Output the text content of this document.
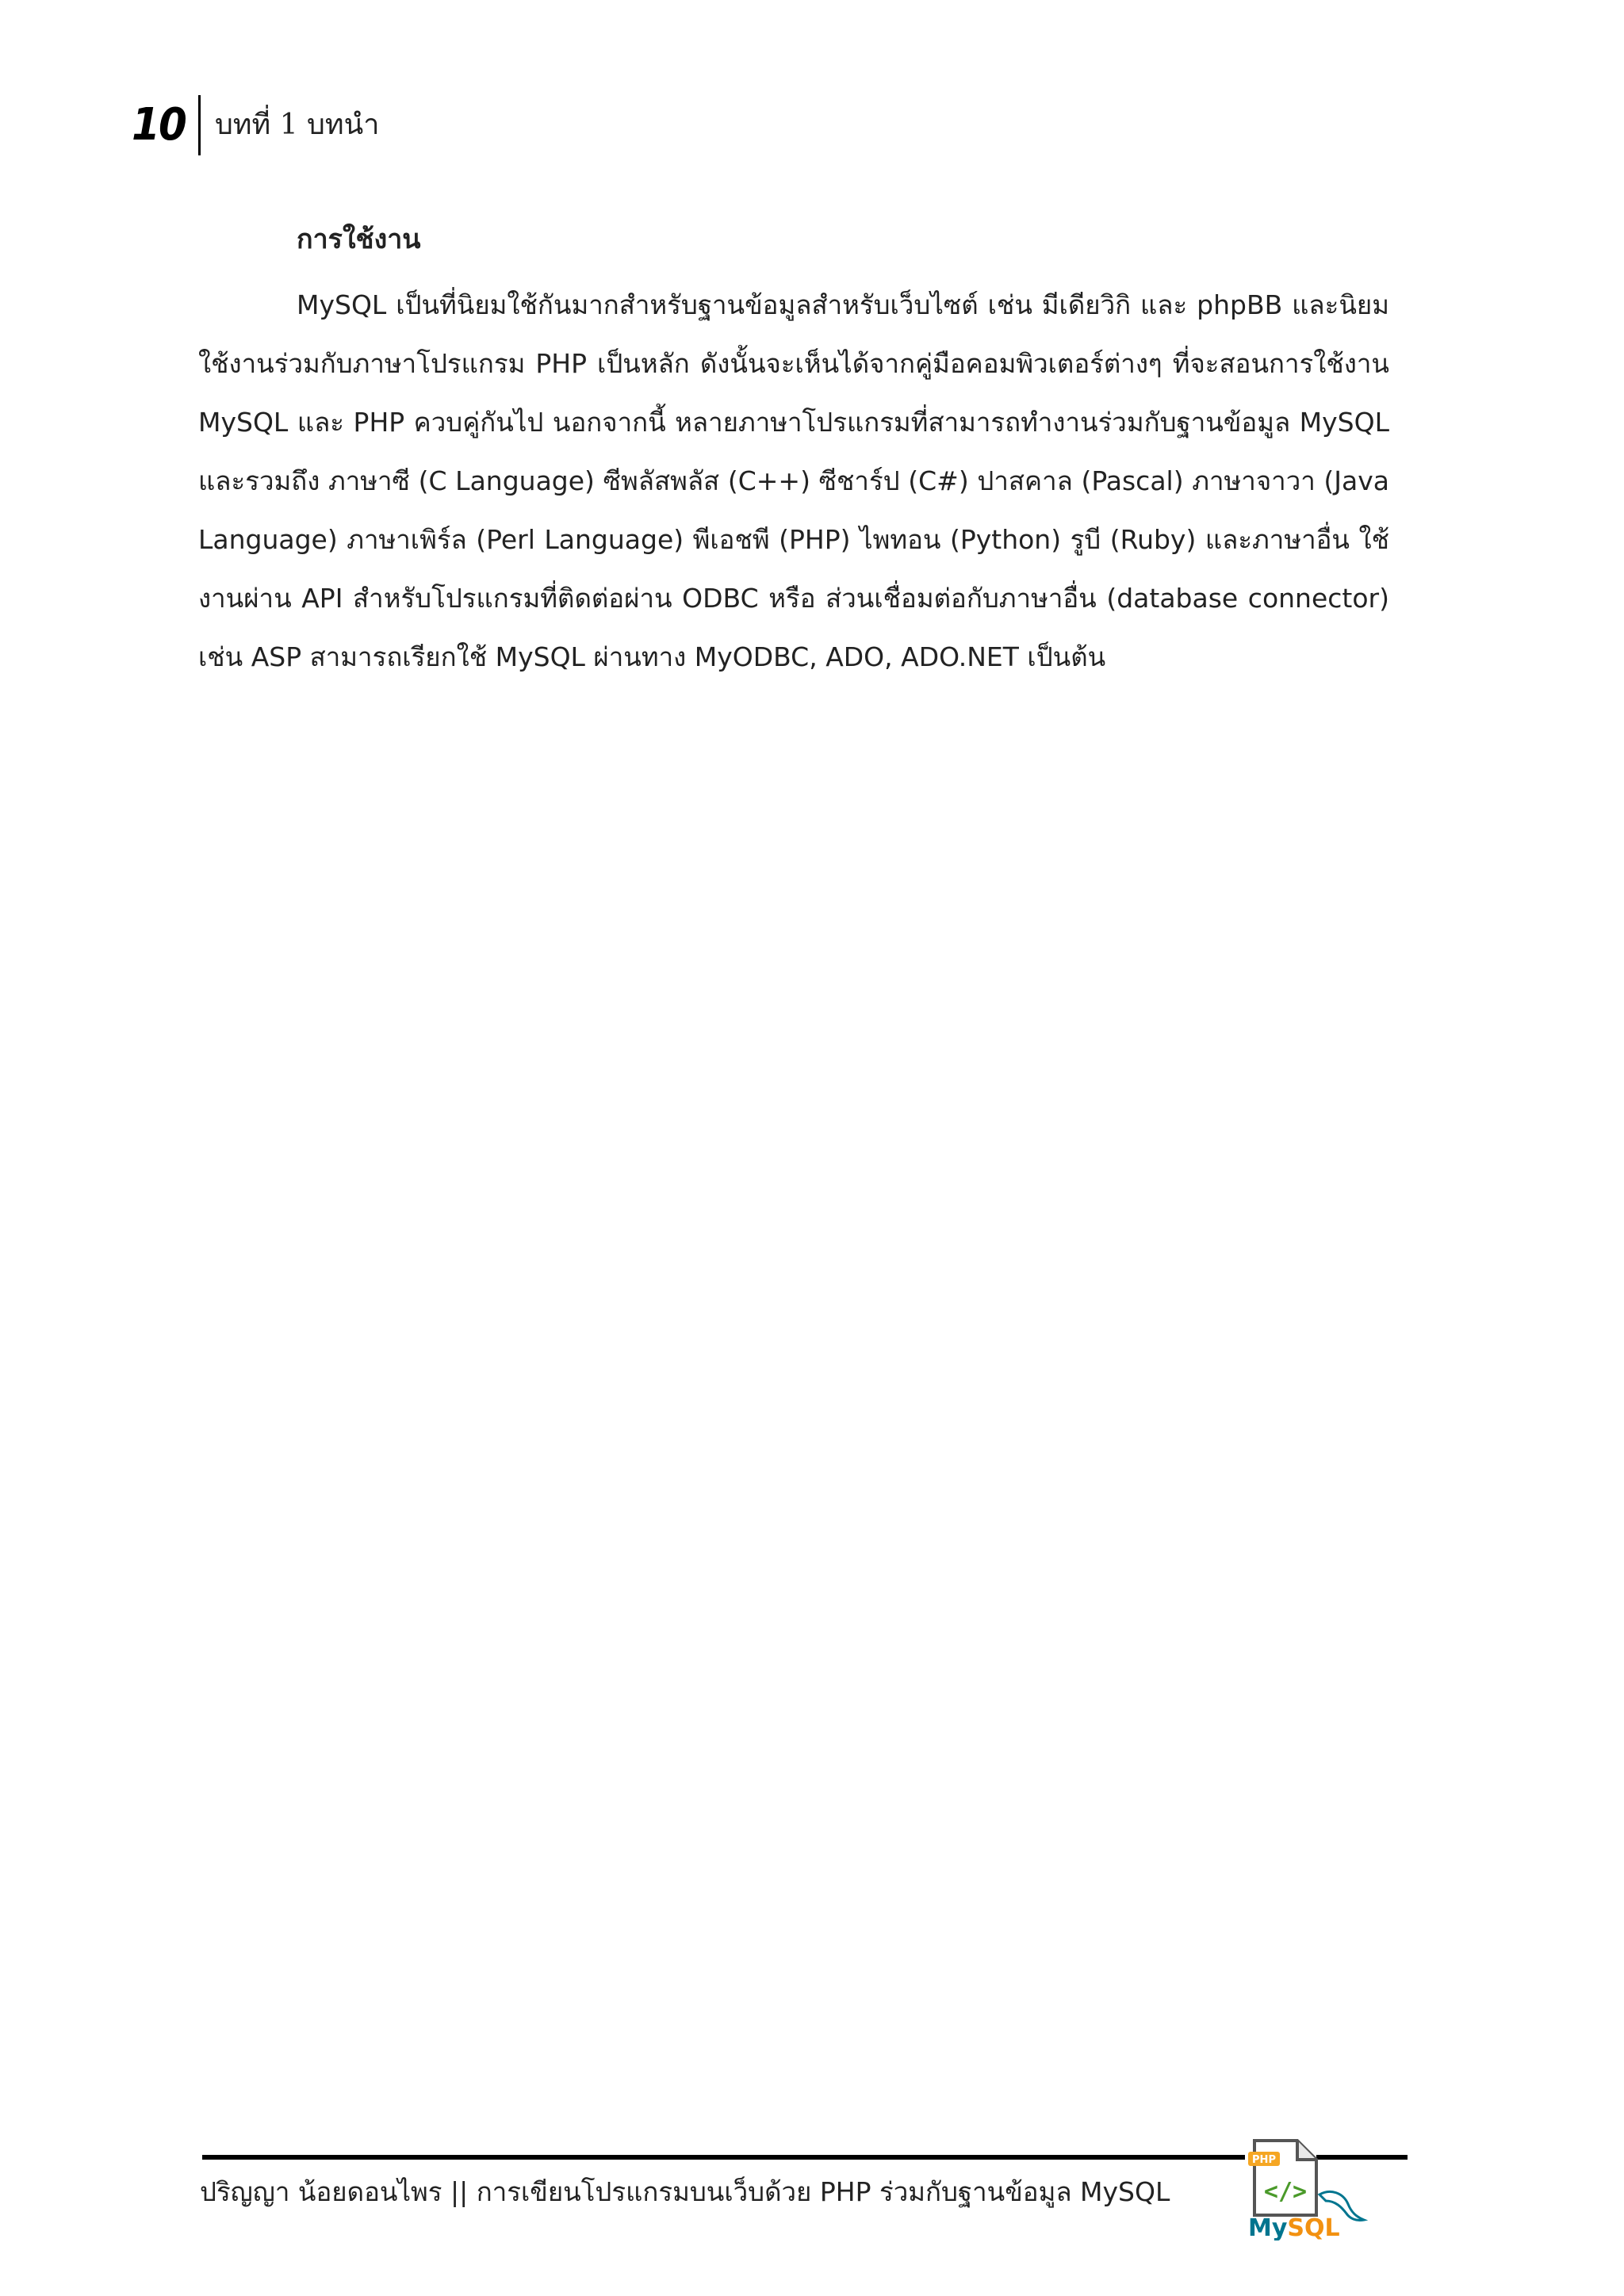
10 บทที่ 1 บทนำ
การใช้งาน

MySQL เป็นที่นิยมใช้กันมากสำหรับฐานข้อมูลสำหรับเว็บไซต์ เช่น มีเดียวิกิ และ phpBB และนิยมใช้งานร่วมกับภาษาโปรแกรม PHP เป็นหลัก ดังนั้นจะเห็นได้จากคู่มือคอมพิวเตอร์ต่างๆ ที่จะสอนการใช้งาน MySQL และ PHP ควบคู่กันไป นอกจากนี้ หลายภาษาโปรแกรมที่สามารถทำงานร่วมกับฐานข้อมูล MySQL และรวมถึง ภาษาซี (C Language) ซีพลัสพลัส (C++) ซีชาร์ป (C#) ปาสคาล (Pascal) ภาษาจาวา (Java Language) ภาษาเพิร์ล (Perl Language) พีเอชพี (PHP) ไพทอน (Python) รูบี (Ruby) และภาษาอื่น ใช้งานผ่าน API สำหรับโปรแกรมที่ติดต่อผ่าน ODBC หรือ ส่วนเชื่อมต่อกับภาษาอื่น (database connector) เช่น ASP สามารถเรียกใช้ MySQL ผ่านทาง MyODBC, ADO, ADO.NET เป็นต้น

ปริญญา น้อยดอนไพร || การเขียนโปรแกรมบนเว็บด้วย PHP ร่วมกับฐานข้อมูล MySQL
PHP
</>
MySQL
